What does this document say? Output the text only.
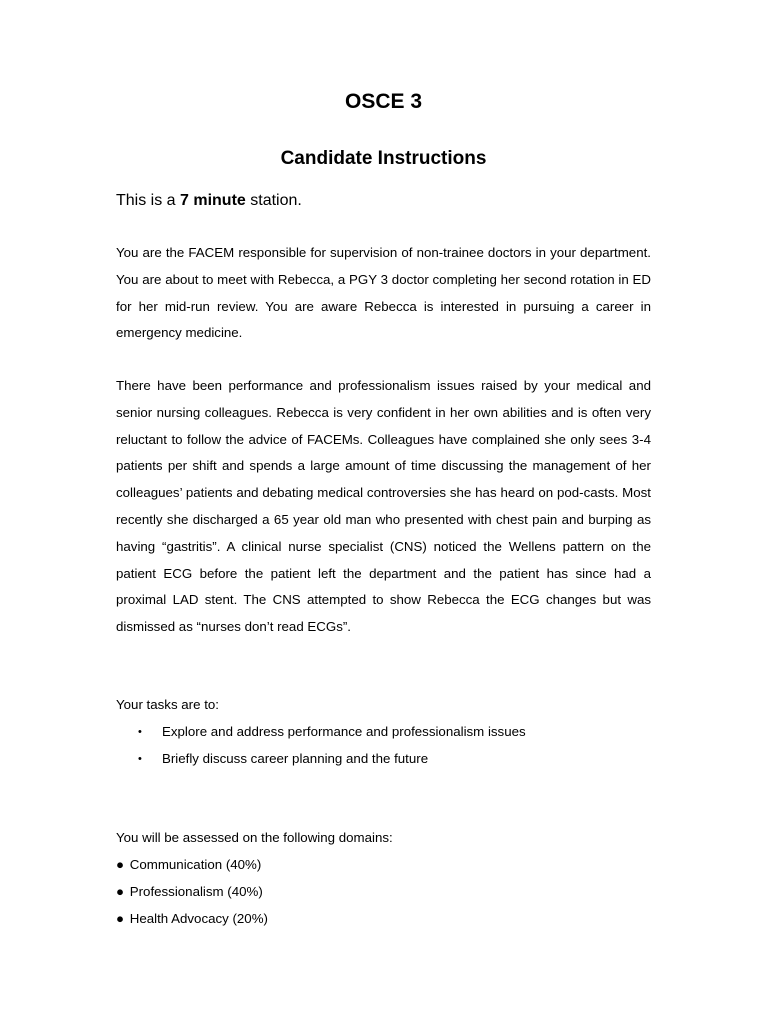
OSCE 3
Candidate Instructions
This is a 7 minute station.

You are the FACEM responsible for supervision of non-trainee doctors in your department. You are about to meet with Rebecca, a PGY 3 doctor completing her second rotation in ED for her mid-run review. You are aware Rebecca is interested in pursuing a career in emergency medicine.

There have been performance and professionalism issues raised by your medical and senior nursing colleagues. Rebecca is very confident in her own abilities and is often very reluctant to follow the advice of FACEMs. Colleagues have complained she only sees 3-4 patients per shift and spends a large amount of time discussing the management of her colleagues’ patients and debating medical controversies she has heard on pod-casts. Most recently she discharged a 65 year old man who presented with chest pain and burping as having “gastritis”. A clinical nurse specialist (CNS) noticed the Wellens pattern on the patient ECG before the patient left the department and the patient has since had a proximal LAD stent. The CNS attempted to show Rebecca the ECG changes but was dismissed as “nurses don’t read ECGs”.

Your tasks are to:
• Explore and address performance and professionalism issues
• Briefly discuss career planning and the future
You will be assessed on the following domains:
● Communication (40%)
● Professionalism (40%)
● Health Advocacy (20%)
